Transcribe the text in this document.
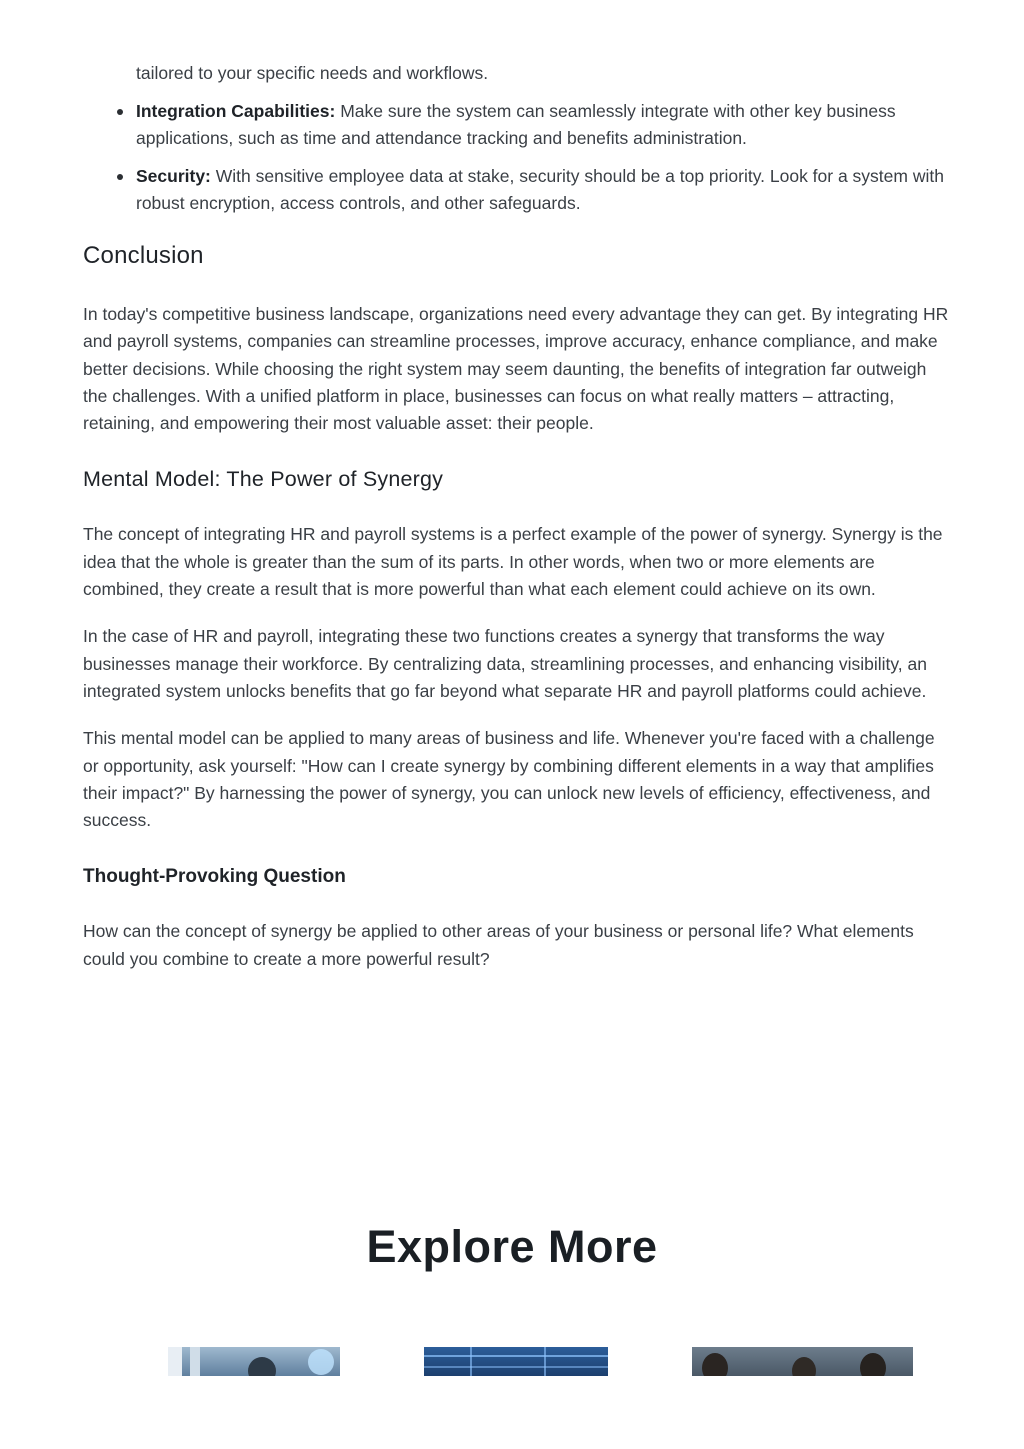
tailored to your specific needs and workflows.
Integration Capabilities: Make sure the system can seamlessly integrate with other key business applications, such as time and attendance tracking and benefits administration.
Security: With sensitive employee data at stake, security should be a top priority. Look for a system with robust encryption, access controls, and other safeguards.
Conclusion

In today's competitive business landscape, organizations need every advantage they can get. By integrating HR and payroll systems, companies can streamline processes, improve accuracy, enhance compliance, and make better decisions. While choosing the right system may seem daunting, the benefits of integration far outweigh the challenges. With a unified platform in place, businesses can focus on what really matters – attracting, retaining, and empowering their most valuable asset: their people.

Mental Model: The Power of Synergy

The concept of integrating HR and payroll systems is a perfect example of the power of synergy. Synergy is the idea that the whole is greater than the sum of its parts. In other words, when two or more elements are combined, they create a result that is more powerful than what each element could achieve on its own.

In the case of HR and payroll, integrating these two functions creates a synergy that transforms the way businesses manage their workforce. By centralizing data, streamlining processes, and enhancing visibility, an integrated system unlocks benefits that go far beyond what separate HR and payroll platforms could achieve.

This mental model can be applied to many areas of business and life. Whenever you're faced with a challenge or opportunity, ask yourself: "How can I create synergy by combining different elements in a way that amplifies their impact?" By harnessing the power of synergy, you can unlock new levels of efficiency, effectiveness, and success.

Thought-Provoking Question

How can the concept of synergy be applied to other areas of your business or personal life? What elements could you combine to create a more powerful result?

Explore More
